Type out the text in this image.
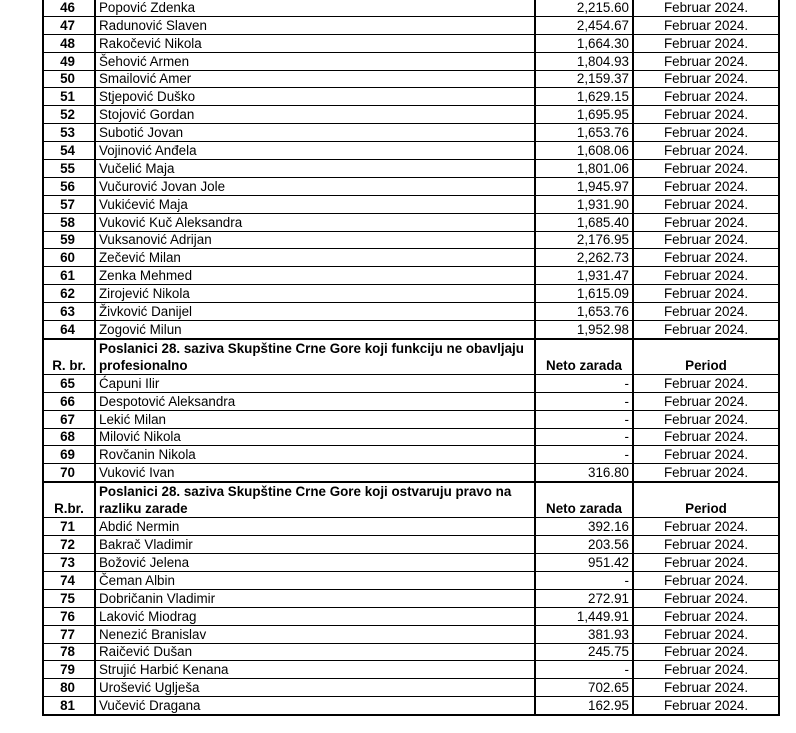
46	Popović Zdenka	2,215.60	Februar 2024.
47	Radunović Slaven	2,454.67	Februar 2024.
48	Rakočević Nikola	1,664.30	Februar 2024.
49	Šehović Armen	1,804.93	Februar 2024.
50	Smailović Amer	2,159.37	Februar 2024.
51	Stjepović Duško	1,629.15	Februar 2024.
52	Stojović Gordan	1,695.95	Februar 2024.
53	Subotić Jovan	1,653.76	Februar 2024.
54	Vojinović Anđela	1,608.06	Februar 2024.
55	Vučelić Maja	1,801.06	Februar 2024.
56	Vučurović Jovan Jole	1,945.97	Februar 2024.
57	Vukićević Maja	1,931.90	Februar 2024.
58	Vuković Kuč Aleksandra	1,685.40	Februar 2024.
59	Vuksanović Adrijan	2,176.95	Februar 2024.
60	Zečević Milan	2,262.73	Februar 2024.
61	Zenka Mehmed	1,931.47	Februar 2024.
62	Zirojević Nikola	1,615.09	Februar 2024.
63	Živković Danijel	1,653.76	Februar 2024.
64	Zogović Milun	1,952.98	Februar 2024.
R. br.	Poslanici 28. saziva Skupštine Crne Gore koji funkciju ne obavljaju profesionalno	Neto zarada	Period
65	Ćapuni Ilir	-	Februar 2024.
66	Despotović Aleksandra	-	Februar 2024.
67	Lekić Milan	-	Februar 2024.
68	Milović Nikola	-	Februar 2024.
69	Rovčanin Nikola	-	Februar 2024.
70	Vuković Ivan	316.80	Februar 2024.
R.br.	Poslanici 28. saziva Skupštine Crne Gore koji ostvaruju pravo na razliku zarade	Neto zarada	Period
71	Abdić Nermin	392.16	Februar 2024.
72	Bakrač Vladimir	203.56	Februar 2024.
73	Božović Jelena	951.42	Februar 2024.
74	Čeman Albin	-	Februar 2024.
75	Dobričanin Vladimir	272.91	Februar 2024.
76	Laković Miodrag	1,449.91	Februar 2024.
77	Nenezić Branislav	381.93	Februar 2024.
78	Raičević Dušan	245.75	Februar 2024.
79	Strujić Harbić Kenana	-	Februar 2024.
80	Urošević Uglješa	702.65	Februar 2024.
81	Vučević Dragana	162.95	Februar 2024.
